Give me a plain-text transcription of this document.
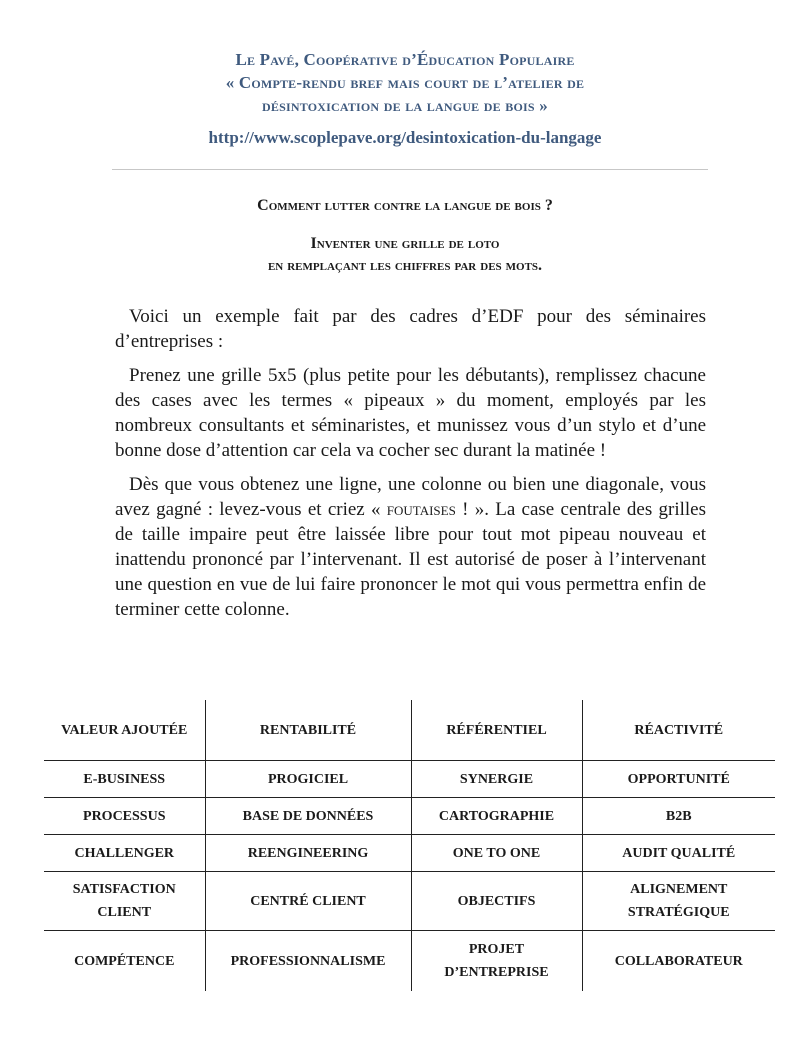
Le Pavé, Coopérative d’Éducation Populaire
« Compte-rendu bref mais court de l’atelier de
désintoxication de la langue de bois »
http://www.scoplepave.org/desintoxication-du-langage
Comment lutter contre la langue de bois ?
Inventer une grille de loto
en remplaçant les chiffres par des mots.

Voici un exemple fait par des cadres d’EDF pour des séminaires d’entreprises :

Prenez une grille 5x5 (plus petite pour les débutants), remplissez chacune des cases avec les termes « pipeaux » du moment, employés par les nombreux consultants et séminaristes, et munissez vous d’un stylo et d’une bonne dose d’attention car cela va cocher sec durant la matinée !

Dès que vous obtenez une ligne, une colonne ou bien une diagonale, vous avez gagné : levez-vous et criez « foutaises ! ». La case centrale des grilles de taille impaire peut être laissée libre pour tout mot pipeau nouveau et inattendu prononcé par l’intervenant. Il est autorisé de poser à l’intervenant une question en vue de lui faire prononcer le mot qui vous permettra enfin de terminer cette colonne.

VALEUR AJOUTÉE	RENTABILITÉ	RÉFÉRENTIEL	RÉACTIVITÉ
E-BUSINESS	PROGICIEL	SYNERGIE	OPPORTUNITÉ
PROCESSUS	BASE DE DONNÉES	CARTOGRAPHIE	B2B
CHALLENGER	REENGINEERING	ONE TO ONE	AUDIT QUALITÉ
SATISFACTION CLIENT	CENTRÉ CLIENT	OBJECTIFS	ALIGNEMENT STRATÉGIQUE
COMPÉTENCE	PROFESSIONNALISME	PROJET D’ENTREPRISE	COLLABORATEUR
